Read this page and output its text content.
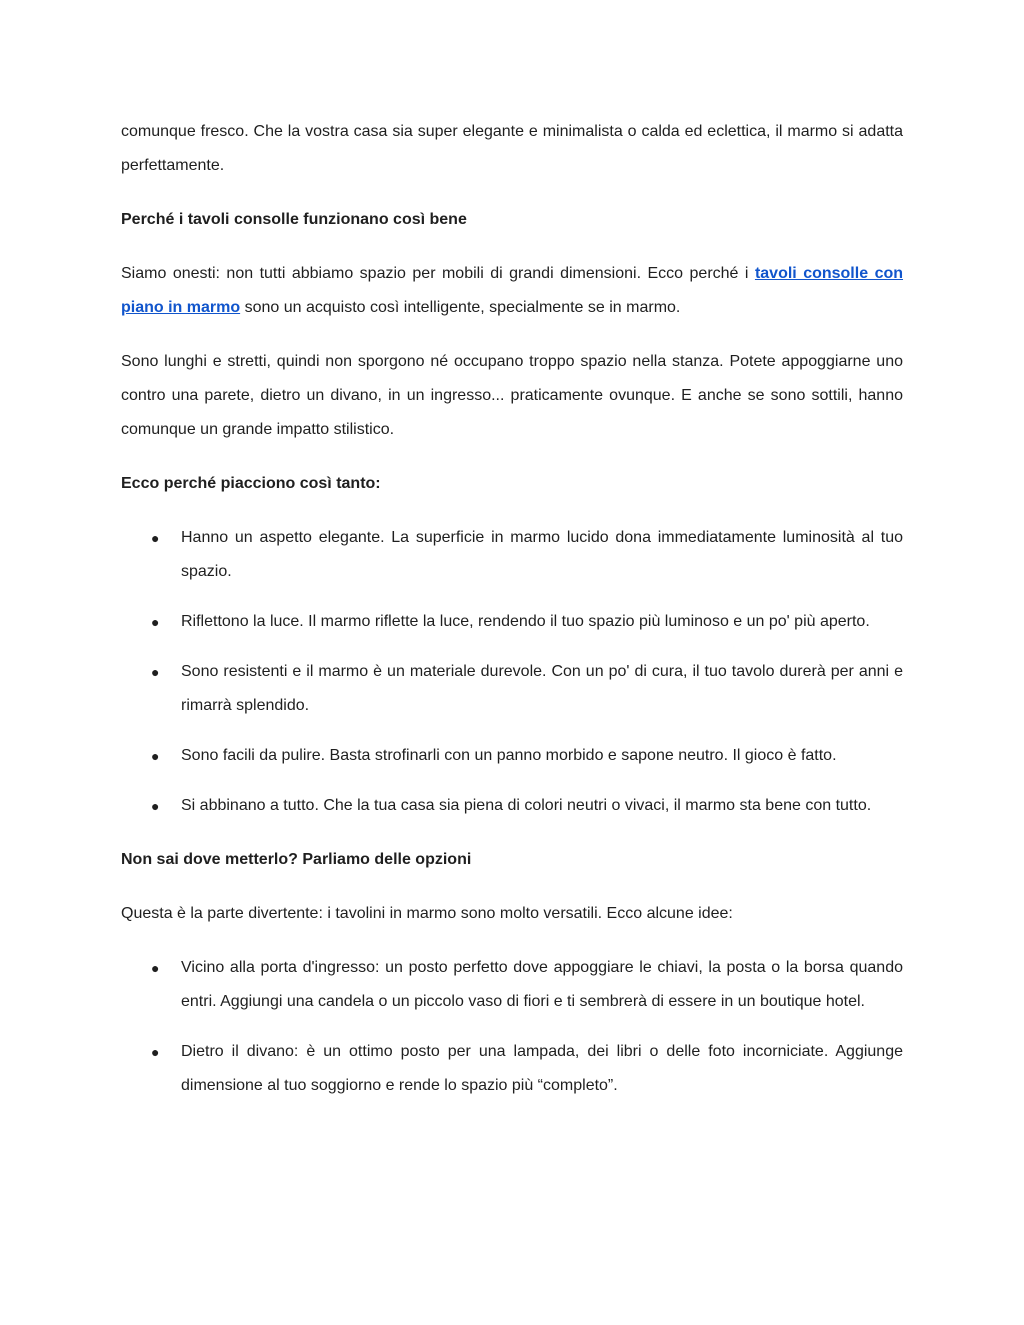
comunque fresco. Che la vostra casa sia super elegante e minimalista o calda ed eclettica, il marmo si adatta perfettamente.

Perché i tavoli consolle funzionano così bene

Siamo onesti: non tutti abbiamo spazio per mobili di grandi dimensioni. Ecco perché i tavoli consolle con piano in marmo sono un acquisto così intelligente, specialmente se in marmo.

Sono lunghi e stretti, quindi non sporgono né occupano troppo spazio nella stanza. Potete appoggiarne uno contro una parete, dietro un divano, in un ingresso... praticamente ovunque. E anche se sono sottili, hanno comunque un grande impatto stilistico.

Ecco perché piacciono così tanto:

● Hanno un aspetto elegante. La superficie in marmo lucido dona immediatamente luminosità al tuo spazio.
● Riflettono la luce. Il marmo riflette la luce, rendendo il tuo spazio più luminoso e un po' più aperto.
● Sono resistenti e il marmo è un materiale durevole. Con un po' di cura, il tuo tavolo durerà per anni e rimarrà splendido.
● Sono facili da pulire. Basta strofinarli con un panno morbido e sapone neutro. Il gioco è fatto.
● Si abbinano a tutto. Che la tua casa sia piena di colori neutri o vivaci, il marmo sta bene con tutto.

Non sai dove metterlo? Parliamo delle opzioni

Questa è la parte divertente: i tavolini in marmo sono molto versatili. Ecco alcune idee:

● Vicino alla porta d'ingresso: un posto perfetto dove appoggiare le chiavi, la posta o la borsa quando entri. Aggiungi una candela o un piccolo vaso di fiori e ti sembrerà di essere in un boutique hotel.
● Dietro il divano: è un ottimo posto per una lampada, dei libri o delle foto incorniciate. Aggiunge dimensione al tuo soggiorno e rende lo spazio più “completo”.
